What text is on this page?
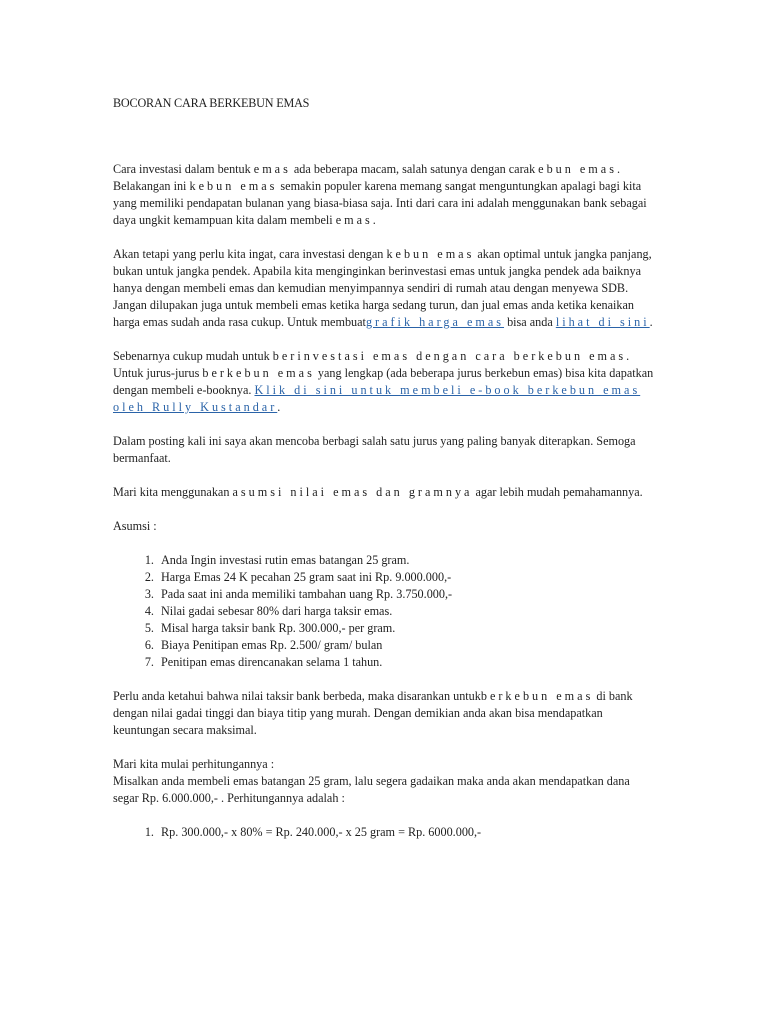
BOCORAN CARA BERKEBUN EMAS

Cara investasi dalam bentuk emas ada beberapa macam, salah satunya dengan carakebun emas. Belakangan ini kebun emas semakin populer karena memang sangat menguntungkan apalagi bagi kita yang memiliki pendapatan bulanan yang biasa-biasa saja. Inti dari cara ini adalah menggunakan bank sebagai daya ungkit kemampuan kita dalam membeli emas.

Akan tetapi yang perlu kita ingat, cara investasi dengan kebun emas akan optimal untuk jangka panjang, bukan untuk jangka pendek. Apabila kita menginginkan berinvestasi emas untuk jangka pendek ada baiknya hanya dengan membeli emas dan kemudian menyimpannya sendiri di rumah atau dengan menyewa SDB.

Jangan dilupakan juga untuk membeli emas ketika harga sedang turun, dan jual emas anda ketika kenaikan harga emas sudah anda rasa cukup. Untuk membuatgrafik harga emas bisa anda lihat di sini.

Sebenarnya cukup mudah untuk berinvestasi emas dengan cara berkebun emas. Untuk jurus-jurus berkebun emas yang lengkap (ada beberapa jurus berkebun emas) bisa kita dapatkan dengan membeli e-booknya. Klik di sini untuk membeli e-book berkebun emas oleh Rully Kustandar.

Dalam posting kali ini saya akan mencoba berbagi salah satu jurus yang paling banyak diterapkan. Semoga bermanfaat.

Mari kita menggunakan asumsi nilai emas dan gramnya agar lebih mudah pemahamannya.

Asumsi :

1. Anda Ingin investasi rutin emas batangan 25 gram.
2. Harga Emas 24 K pecahan 25 gram saat ini Rp. 9.000.000,-
3. Pada saat ini anda memiliki tambahan uang Rp. 3.750.000,-
4. Nilai gadai sebesar 80% dari harga taksir emas.
5. Misal harga taksir bank Rp. 300.000,- per gram.
6. Biaya Penitipan emas Rp. 2.500/ gram/ bulan
7. Penitipan emas direncanakan selama 1 tahun.

Perlu anda ketahui bahwa nilai taksir bank berbeda, maka disarankan untukberkebun emas di bank dengan nilai gadai tinggi dan biaya titip yang murah. Dengan demikian anda akan bisa mendapatkan keuntungan secara maksimal.

Mari kita mulai perhitungannya :

Misalkan anda membeli emas batangan 25 gram, lalu segera gadaikan maka anda akan mendapatkan dana segar Rp. 6.000.000,- . Perhitungannya adalah :

1. Rp. 300.000,- x 80% = Rp. 240.000,- x 25 gram = Rp. 6000.000,-
